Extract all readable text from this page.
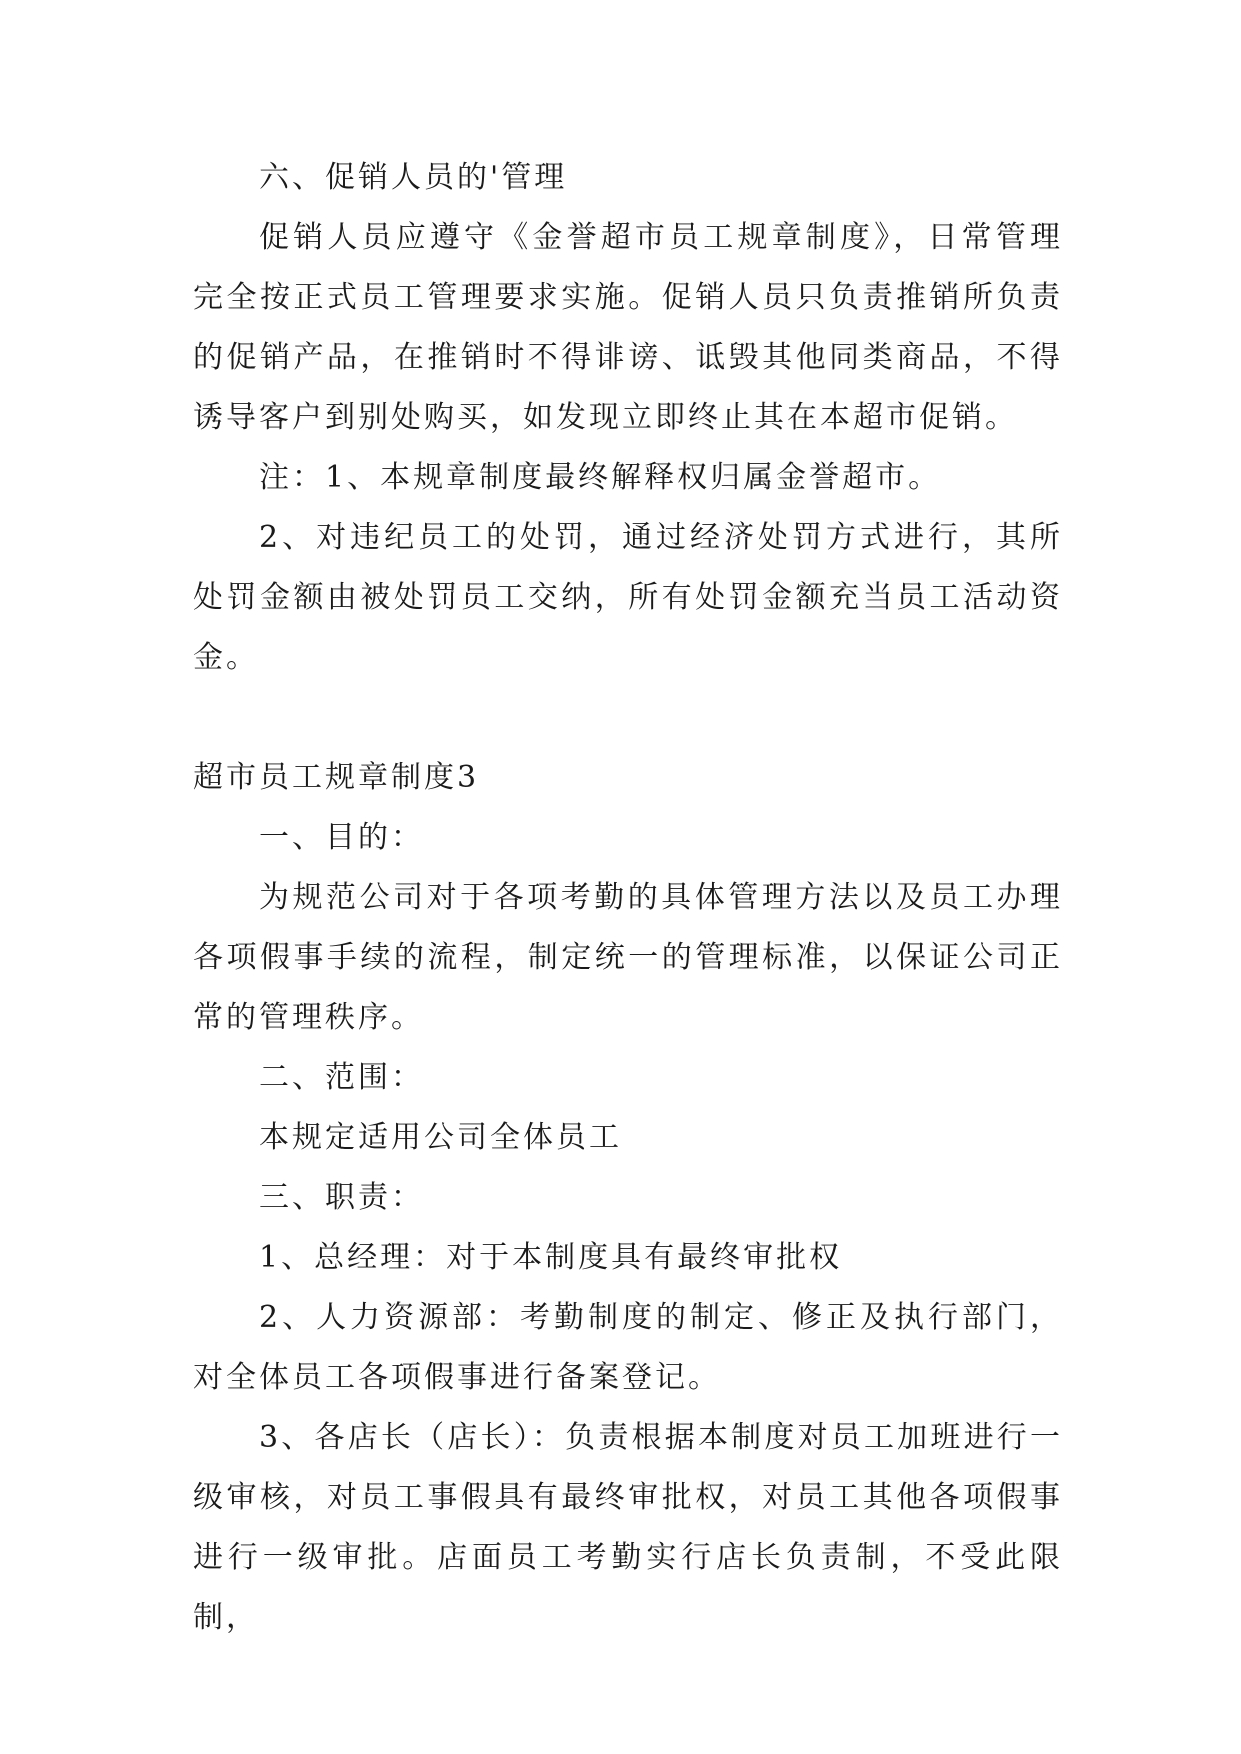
六、促销人员的'管理

促销人员应遵守《金誉超市员工规章制度》，日常管理完全按正式员工管理要求实施。促销人员只负责推销所负责的促销产品，在推销时不得诽谤、诋毁其他同类商品，不得诱导客户到别处购买，如发现立即终止其在本超市促销。

注：1、本规章制度最终解释权归属金誉超市。

2、对违纪员工的处罚，通过经济处罚方式进行，其所处罚金额由被处罚员工交纳，所有处罚金额充当员工活动资金。

超市员工规章制度3

一、目的：

为规范公司对于各项考勤的具体管理方法以及员工办理各项假事手续的流程，制定统一的管理标准，以保证公司正常的管理秩序。

二、范围：

本规定适用公司全体员工

三、职责：

1、总经理：对于本制度具有最终审批权

2、人力资源部：考勤制度的制定、修正及执行部门，对全体员工各项假事进行备案登记。

3、各店长（店长）：负责根据本制度对员工加班进行一级审核，对员工事假具有最终审批权，对员工其他各项假事进行一级审批。店面员工考勤实行店长负责制，不受此限制，
